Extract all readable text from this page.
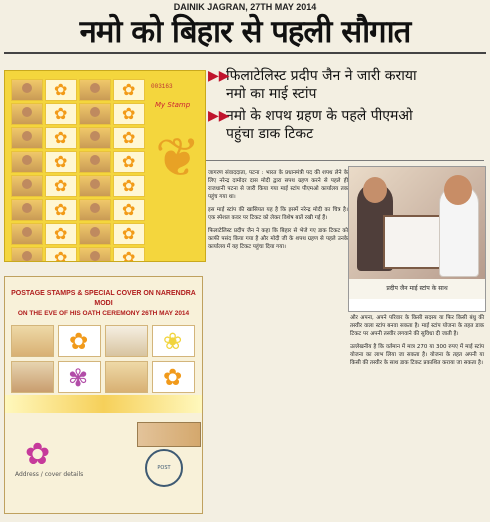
DAINIK JAGRAN, 27TH MAY 2014
नमो को बिहार से पहली सौगात
✿
✿
✿
✿
✿
✿
✿
✿
✿
✿
✿
✿
✿
✿
✿
✿
003163
My Stamp
❦
POSTAGE STAMPS & SPECIAL COVER ON NARENDRA MODI
ON THE EVE OF HIS OATH CEREMONY 26TH MAY 2014
✿
❀
✾
✿
POST
✿
Address / cover details
▶▶
फिलाटेलिस्ट प्रदीप जैन ने जारी कराया
नमो का माई स्टांप
▶▶
नमो के शपथ ग्रहण के पहले पीएमओ
पहुंचा डाक टिकट

जागरण संवाददाता, पटना : भारत के प्रधानमंत्री पद की शपथ लेने के लिए नरेन्द्र दामोदर दास मोदी द्वारा सपथ ग्रहण करने से पहले ही राजधानी पटना से जारी किया गया माई स्टांप पीएमओ कार्यालय तक पहुंच गया था।

इस माई स्टांप की खासियत यह है कि इसमें नरेन्द्र मोदी का चित्र है। एक स्पेशल कवर पर टिकट को लेकर विशेष बातें रखी गई हैं।

फिलाटेलिस्ट प्रदीप जैन ने कहा कि बिहार से भेजे गए डाक टिकट को काफी पसंद किया गया है और मोदी जी के शपथ ग्रहण से पहले उनके कार्यालय में यह टिकट पहुंचा दिया गया।

प्रदीप जैन माई स्टांप के साथ

और अपना, अपने परिवार के किसी सदस्य या फिर किसी बंधु की तस्वीर वाला स्टांप बनवा सकता है। माई स्टांप योजना के तहत डाक टिकट पर अपनी तस्वीर लगवाने की सुविधा दी जाती है।

उल्लेखनीय है कि वर्तमान में मात्र 270 या 300 रुपए में माई स्टांप योजना का लाभ लिया जा सकता है। योजना के तहत अपनी या किसी की तस्वीर के साथ डाक टिकट प्रकाशित कराया जा सकता है।
